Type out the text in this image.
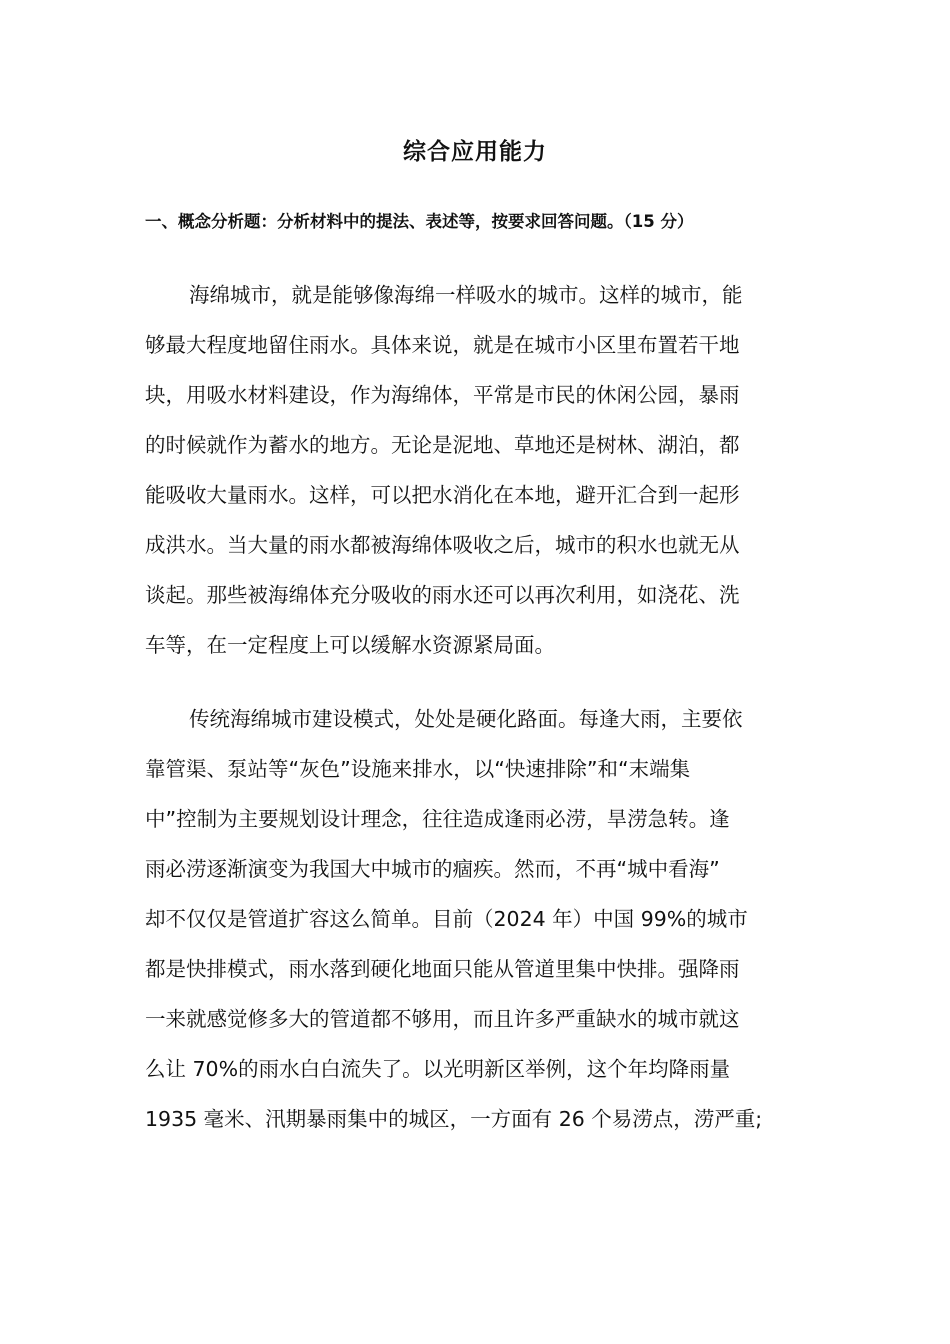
综合应用能力
一、概念分析题：分析材料中的提法、表述等，按要求回答问题。（15 分）
海绵城市，就是能够像海绵一样吸水的城市。这样的城市，能
够最大程度地留住雨水。具体来说，就是在城市小区里布置若干地
块，用吸水材料建设，作为海绵体，平常是市民的休闲公园，暴雨
的时候就作为蓄水的地方。无论是泥地、草地还是树林、湖泊，都
能吸收大量雨水。这样，可以把水消化在本地，避开汇合到一起形
成洪水。当大量的雨水都被海绵体吸收之后，城市的积水也就无从
谈起。那些被海绵体充分吸收的雨水还可以再次利用，如浇花、洗
车等，在一定程度上可以缓解水资源紧局面。
传统海绵城市建设模式，处处是硬化路面。每逢大雨，主要依
靠管渠、泵站等“灰色”设施来排水，以“快速排除”和“末端集
中”控制为主要规划设计理念，往往造成逢雨必涝，旱涝急转。逢
雨必涝逐渐演变为我国大中城市的痼疾。然而，不再“城中看海”
却不仅仅是管道扩容这么简单。目前（2024 年）中国 99%的城市
都是快排模式，雨水落到硬化地面只能从管道里集中快排。强降雨
一来就感觉修多大的管道都不够用，而且许多严重缺水的城市就这
么让 70%的雨水白白流失了。以光明新区举例，这个年均降雨量
1935 毫米、汛期暴雨集中的城区，一方面有 26 个易涝点，涝严重;
